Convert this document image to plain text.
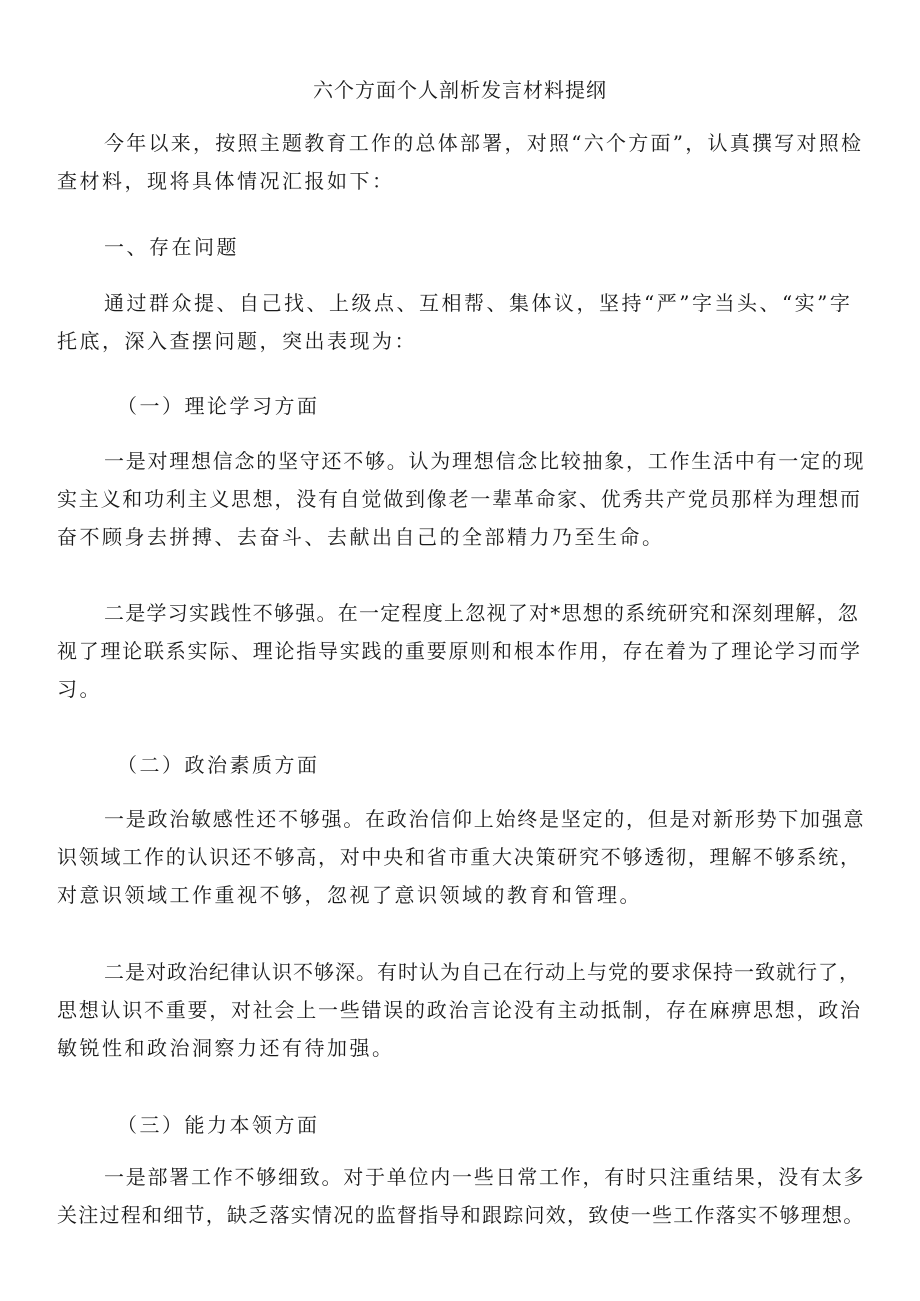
六个方面个人剖析发言材料提纲

今年以来，按照主题教育工作的总体部署，对照“六个方面”，认真撰写对照检
查材料，现将具体情况汇报如下：

一、存在问题

通过群众提、自己找、上级点、互相帮、集体议，坚持“严”字当头、“实”字
托底，深入查摆问题，突出表现为：

（一）理论学习方面

一是对理想信念的坚守还不够。认为理想信念比较抽象，工作生活中有一定的现
实主义和功利主义思想，没有自觉做到像老一辈革命家、优秀共产党员那样为理想而
奋不顾身去拼搏、去奋斗、去献出自己的全部精力乃至生命。

二是学习实践性不够强。在一定程度上忽视了对*思想的系统研究和深刻理解，忽
视了理论联系实际、理论指导实践的重要原则和根本作用，存在着为了理论学习而学
习。

（二）政治素质方面

一是政治敏感性还不够强。在政治信仰上始终是坚定的，但是对新形势下加强意
识领域工作的认识还不够高，对中央和省市重大决策研究不够透彻，理解不够系统，
对意识领域工作重视不够，忽视了意识领域的教育和管理。

二是对政治纪律认识不够深。有时认为自己在行动上与党的要求保持一致就行了，
思想认识不重要，对社会上一些错误的政治言论没有主动抵制，存在麻痹思想，政治
敏锐性和政治洞察力还有待加强。

（三）能力本领方面

一是部署工作不够细致。对于单位内一些日常工作，有时只注重结果，没有太多
关注过程和细节，缺乏落实情况的监督指导和跟踪问效，致使一些工作落实不够理想。
